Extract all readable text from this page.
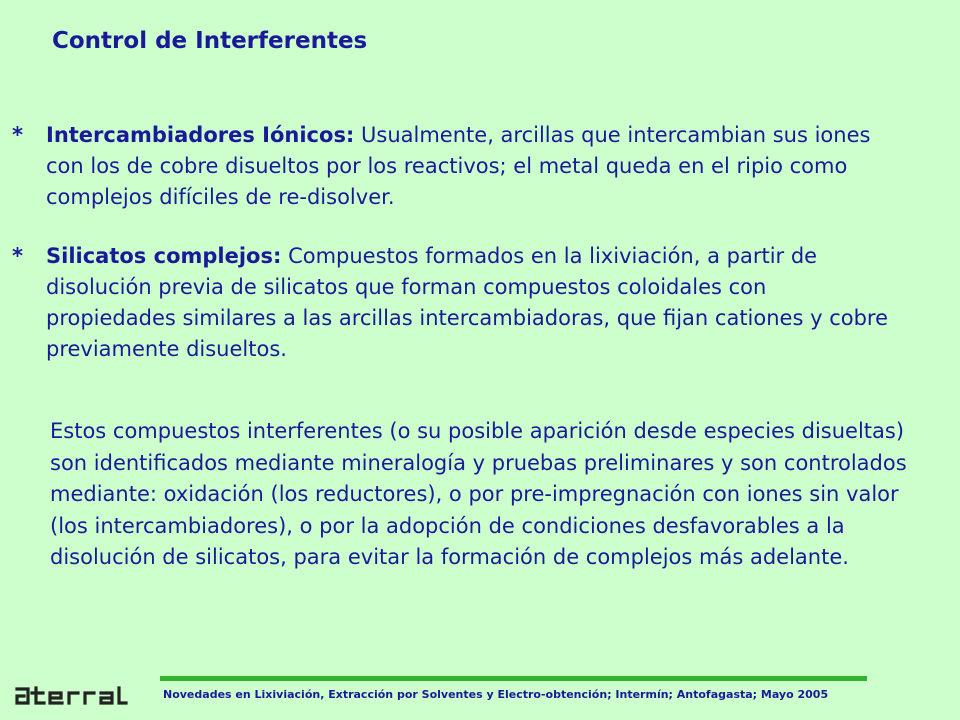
Control de Interferentes
* Intercambiadores Iónicos: Usualmente, arcillas que intercambian sus iones con los de cobre disueltos por los reactivos; el metal queda en el ripio como complejos difíciles de re-disolver.
* Silicatos complejos: Compuestos formados en la lixiviación, a partir de disolución previa de silicatos que forman compuestos coloidales con propiedades similares a las arcillas intercambiadoras, que fijan cationes y cobre previamente disueltos.
Estos compuestos interferentes (o su posible aparición desde especies disueltas) son identificados mediante mineralogía y pruebas preliminares y son controlados mediante: oxidación (los reductores), o por pre-impregnación con iones sin valor (los intercambiadores), o por la adopción de condiciones desfavorables a la disolución de silicatos, para evitar la formación de complejos más adelante.
Novedades en Lixiviación, Extracción por Solventes y Electro-obtención; Intermín; Antofagasta; Mayo 2005
